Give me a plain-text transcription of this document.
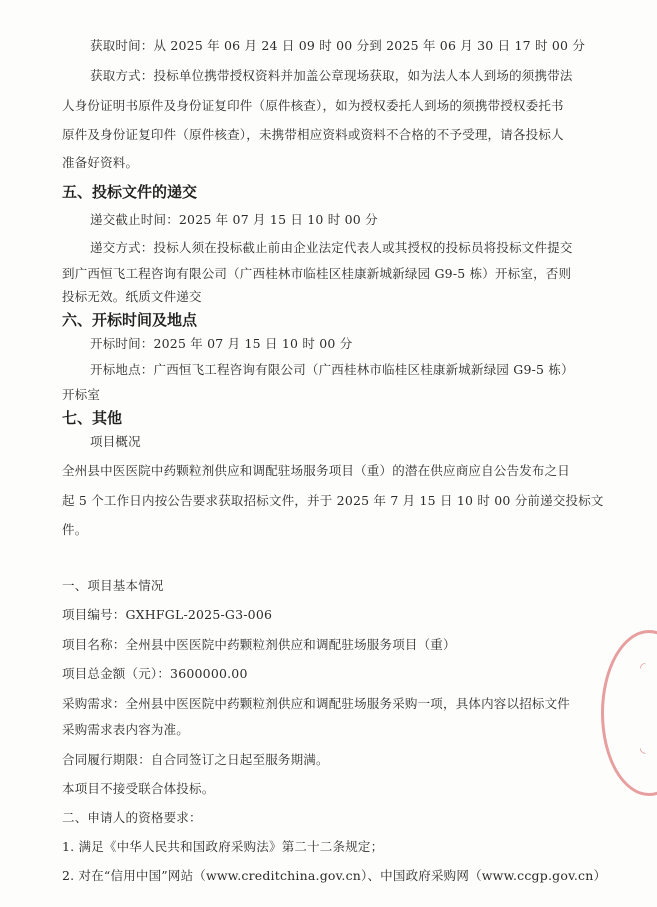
获取时间：从 2025 年 06 月 24 日 09 时 00 分到 2025 年 06 月 30 日 17 时 00 分
获取方式：投标单位携带授权资料并加盖公章现场获取，如为法人本人到场的须携带法
人身份证明书原件及身份证复印件（原件核查），如为授权委托人到场的须携带授权委托书
原件及身份证复印件（原件核查），未携带相应资料或资料不合格的不予受理，请各投标人
准备好资料。
五、投标文件的递交
递交截止时间：2025 年 07 月 15 日 10 时 00 分
递交方式：投标人须在投标截止前由企业法定代表人或其授权的投标员将投标文件提交
到广西恒飞工程咨询有限公司（广西桂林市临桂区桂康新城新绿园 G9-5 栋）开标室，否则
投标无效。纸质文件递交
六、开标时间及地点
开标时间：2025 年 07 月 15 日 10 时 00 分
开标地点：广西恒飞工程咨询有限公司（广西桂林市临桂区桂康新城新绿园 G9-5 栋）
开标室
七、其他
项目概况
全州县中医医院中药颗粒剂供应和调配驻场服务项目（重）的潜在供应商应自公告发布之日
起 5 个工作日内按公告要求获取招标文件，并于 2025 年 7 月 15 日 10 时 00 分前递交投标文
件。
一、项目基本情况
项目编号：GXHFGL-2025-G3-006
项目名称：全州县中医医院中药颗粒剂供应和调配驻场服务项目（重）
项目总金额（元）：3600000.00
采购需求：全州县中医医院中药颗粒剂供应和调配驻场服务采购一项，具体内容以招标文件
采购需求表内容为准。
合同履行期限：自合同签订之日起至服务期满。
本项目不接受联合体投标。
二、申请人的资格要求：
1. 满足《中华人民共和国政府采购法》第二十二条规定；
2. 对在“信用中国”网站（www.creditchina.gov.cn）、中国政府采购网（www.ccgp.gov.cn）
◜
◟
